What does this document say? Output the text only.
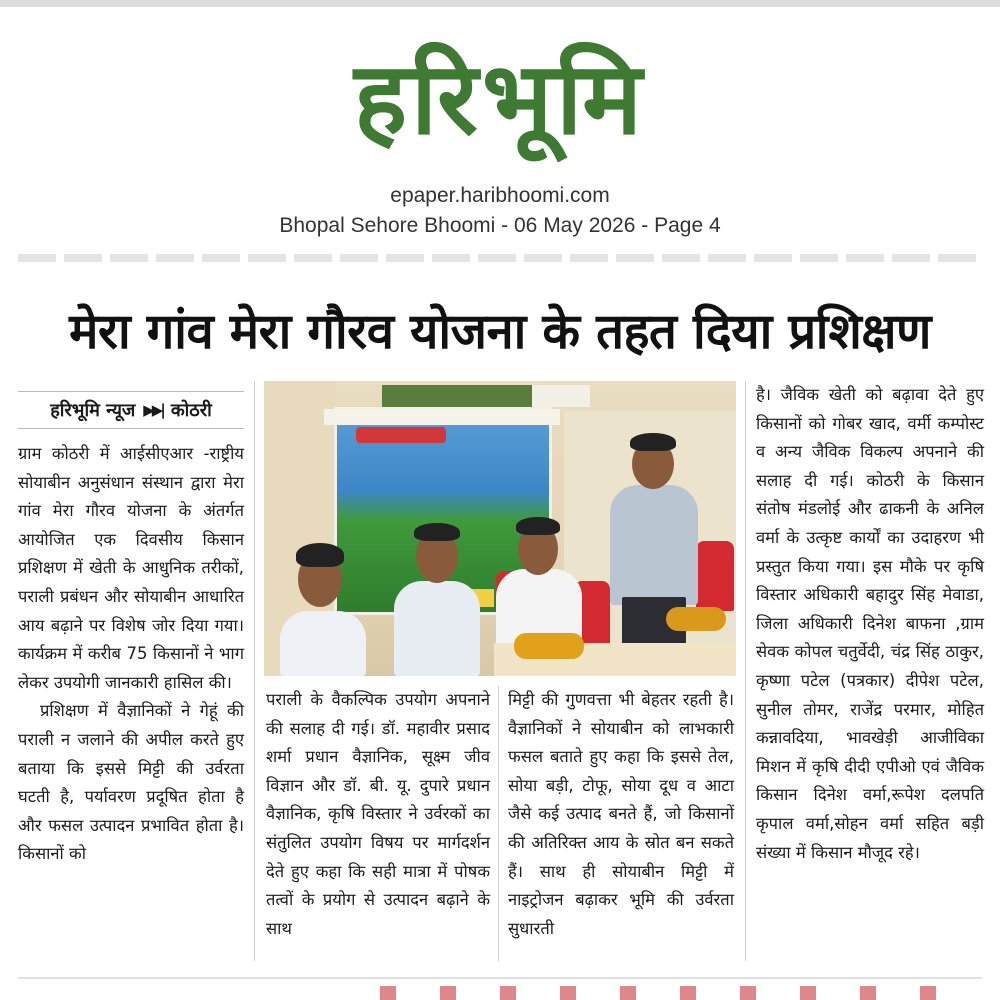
हरिभूमि
epaper.haribhoomi.com
Bhopal Sehore Bhoomi - 06 May 2026 - Page 4
मेरा गांव मेरा गौरव योजना के तहत दिया प्रशिक्षण
हरिभूमि न्यूज ▶▶| कोठरी

ग्राम कोठरी में आईसीएआर -राष्ट्रीय सोयाबीन अनुसंधान संस्थान द्वारा मेरा गांव मेरा गौरव योजना के अंतर्गत आयोजित एक दिवसीय किसान प्रशिक्षण में खेती के आधुनिक तरीकों, पराली प्रबंधन और सोयाबीन आधारित आय बढ़ाने पर विशेष जोर दिया गया। कार्यक्रम में करीब 75 किसानों ने भाग लेकर उपयोगी जानकारी हासिल की।

प्रशिक्षण में वैज्ञानिकों ने गेहूं की पराली न जलाने की अपील करते हुए बताया कि इससे मिट्टी की उर्वरता घटती है, पर्यावरण प्रदूषित होता है और फसल उत्पादन प्रभावित होता है। किसानों को

पराली के वैकल्पिक उपयोग अपनाने की सलाह दी गई। डॉ. महावीर प्रसाद शर्मा प्रधान वैज्ञानिक, सूक्ष्म जीव विज्ञान और डॉ. बी. यू. दुपारे प्रधान वैज्ञानिक, कृषि विस्तार ने उर्वरकों का संतुलित उपयोग विषय पर मार्गदर्शन देते हुए कहा कि सही मात्रा में पोषक तत्वों के प्रयोग से उत्पादन बढ़ाने के साथ
मिट्टी की गुणवत्ता भी बेहतर रहती है। वैज्ञानिकों ने सोयाबीन को लाभकारी फसल बताते हुए कहा कि इससे तेल, सोया बड़ी, टोफू, सोया दूध व आटा जैसे कई उत्पाद बनते हैं, जो किसानों की अतिरिक्त आय के स्रोत बन सकते हैं। साथ ही सोयाबीन मिट्टी में नाइट्रोजन बढ़ाकर भूमि की उर्वरता सुधारती
है। जैविक खेती को बढ़ावा देते हुए किसानों को गोबर खाद, वर्मी कम्पोस्ट व अन्य जैविक विकल्प अपनाने की सलाह दी गई। कोठरी के किसान संतोष मंडलोई और ढाकनी के अनिल वर्मा के उत्कृष्ट कार्यों का उदाहरण भी प्रस्तुत किया गया। इस मौके पर कृषि विस्तार अधिकारी बहादुर सिंह मेवाडा, जिला अधिकारी दिनेश बाफना ,ग्राम सेवक कोपल चतुर्वेदी, चंद्र सिंह ठाकुर, कृष्णा पटेल (पत्रकार) दीपेश पटेल, सुनील तोमर, राजेंद्र परमार, मोहित कन्नावदिया, भावखेड़ी आजीविका मिशन में कृषि दीदी एपीओ एवं जैविक किसान दिनेश वर्मा,रूपेश दलपति कृपाल वर्मा,सोहन वर्मा सहित बड़ी संख्या में किसान मौजूद रहे।
